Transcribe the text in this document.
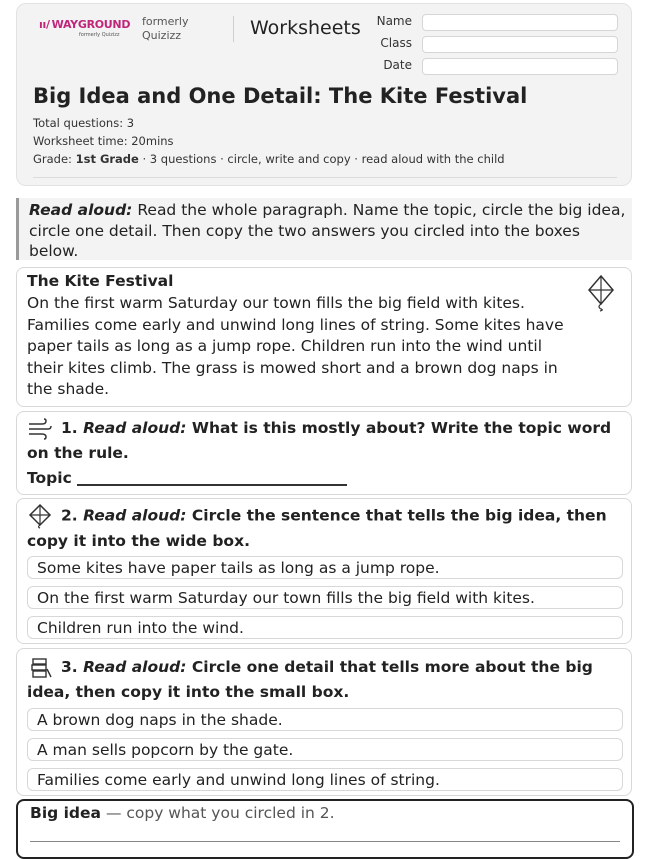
ıı/ WAYGROUND
formerly Quizizz
formerly
Quizizz	Worksheets	Name
Class
Date
Big Idea and One Detail: The Kite Festival
Total questions: 3
Worksheet time: 20mins
Grade: 1st Grade · 3 questions · circle, write and copy · read aloud with the child
Read aloud: Read the whole paragraph. Name the topic, circle the big idea, circle one detail. Then copy the two answers you circled into the boxes below.
The Kite Festival
On the first warm Saturday our town fills the big field with kites. Families come early and unwind long lines of string. Some kites have paper tails as long as a jump rope. Children run into the wind until their kites climb. The grass is mowed short and a brown dog naps in the shade.
1. Read aloud: What is this mostly about? Write the topic word on the rule.
Topic
2. Read aloud: Circle the sentence that tells the big idea, then copy it into the wide box.
Some kites have paper tails as long as a jump rope.
On the first warm Saturday our town fills the big field with kites.
Children run into the wind.
3. Read aloud: Circle one detail that tells more about the big idea, then copy it into the small box.
A brown dog naps in the shade.
A man sells popcorn by the gate.
Families come early and unwind long lines of string.
Big idea — copy what you circled in 2.
